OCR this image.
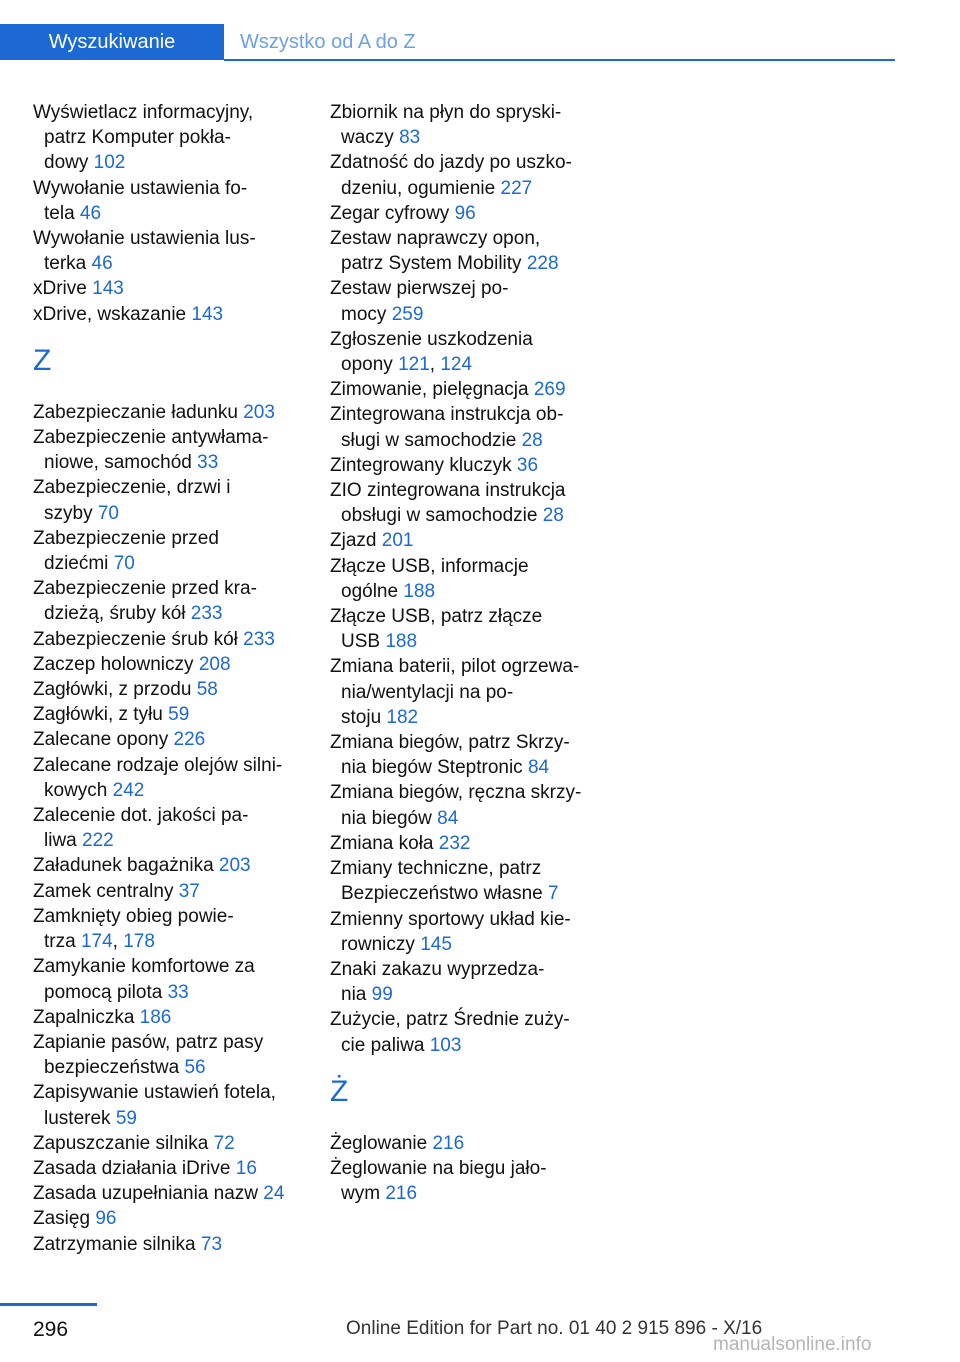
Wyszukiwanie	Wszystko od A do Z
Wyświetlacz informacyjny,
patrz Komputer pokła-
dowy 102
Wywołanie ustawienia fo-
tela 46
Wywołanie ustawienia lus-
terka 46
xDrive 143
xDrive, wskazanie 143
Z
Zabezpieczanie ładunku 203
Zabezpieczenie antywłama-
niowe, samochód 33
Zabezpieczenie, drzwi i
szyby 70
Zabezpieczenie przed
dziećmi 70
Zabezpieczenie przed kra-
dzieżą, śruby kół 233
Zabezpieczenie śrub kół 233
Zaczep holowniczy 208
Zagłówki, z przodu 58
Zagłówki, z tyłu 59
Zalecane opony 226
Zalecane rodzaje olejów silni-
kowych 242
Zalecenie dot. jakości pa-
liwa 222
Załadunek bagażnika 203
Zamek centralny 37
Zamknięty obieg powie-
trza 174, 178
Zamykanie komfortowe za
pomocą pilota 33
Zapalniczka 186
Zapianie pasów, patrz pasy
bezpieczeństwa 56
Zapisywanie ustawień fotela,
lusterek 59
Zapuszczanie silnika 72
Zasada działania iDrive 16
Zasada uzupełniania nazw 24
Zasięg 96
Zatrzymanie silnika 73
Zbiornik na płyn do spryski-
waczy 83
Zdatność do jazdy po uszko-
dzeniu, ogumienie 227
Zegar cyfrowy 96
Zestaw naprawczy opon,
patrz System Mobility 228
Zestaw pierwszej po-
mocy 259
Zgłoszenie uszkodzenia
opony 121, 124
Zimowanie, pielęgnacja 269
Zintegrowana instrukcja ob-
sługi w samochodzie 28
Zintegrowany kluczyk 36
ZIO zintegrowana instrukcja
obsługi w samochodzie 28
Zjazd 201
Złącze USB, informacje
ogólne 188
Złącze USB, patrz złącze
USB 188
Zmiana baterii, pilot ogrzewa-
nia/wentylacji na po-
stoju 182
Zmiana biegów, patrz Skrzy-
nia biegów Steptronic 84
Zmiana biegów, ręczna skrzy-
nia biegów 84
Zmiana koła 232
Zmiany techniczne, patrz
Bezpieczeństwo własne 7
Zmienny sportowy układ kie-
rowniczy 145
Znaki zakazu wyprzedza-
nia 99
Zużycie, patrz Średnie zuży-
cie paliwa 103
Ż
Żeglowanie 216
Żeglowanie na biegu jało-
wym 216
296	Online Edition for Part no. 01 40 2 915 896 - X/16
manualsonline.info
